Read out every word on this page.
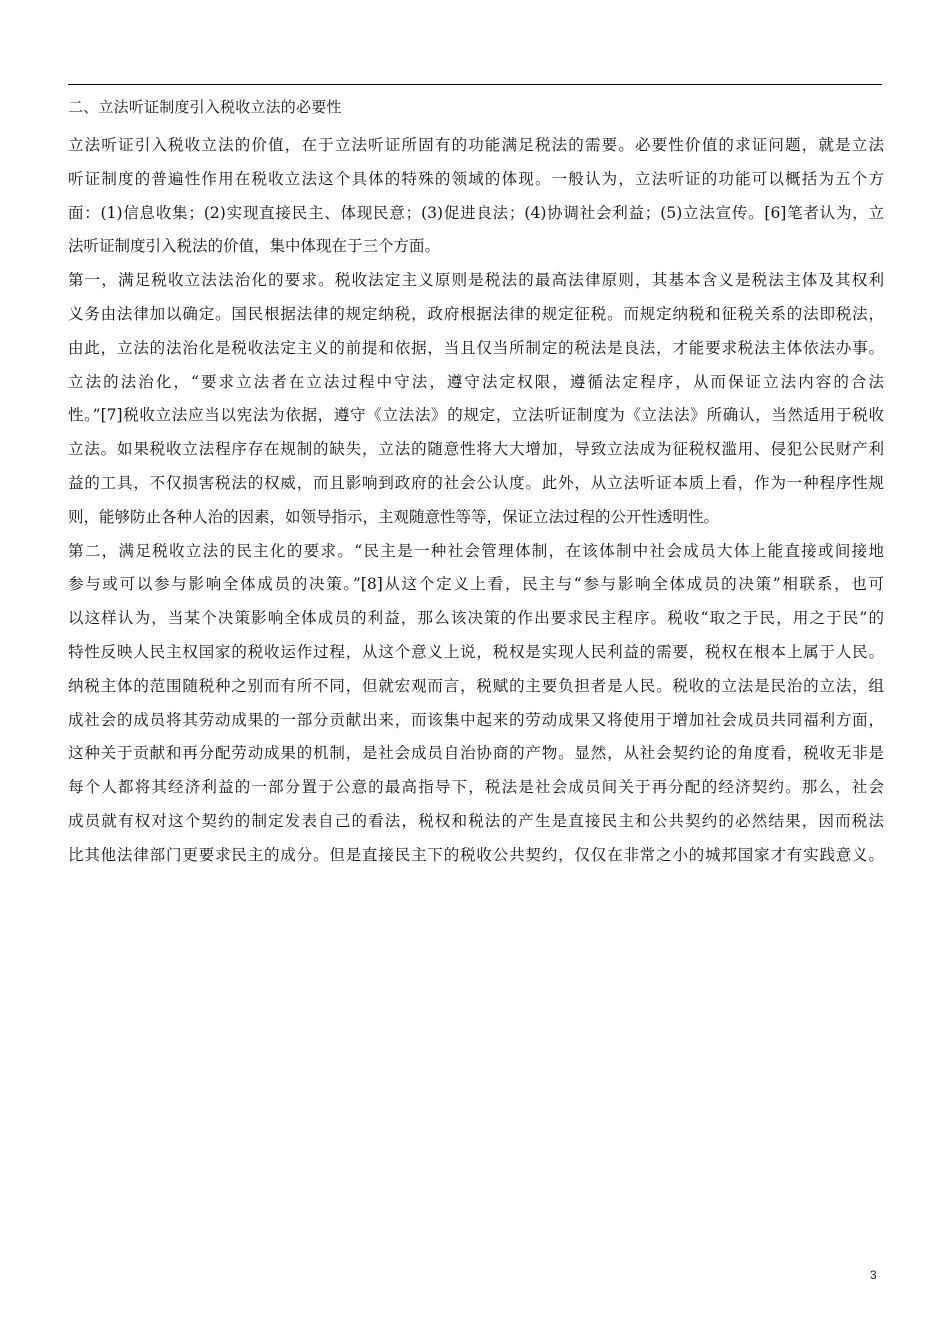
二、立法听证制度引入税收立法的必要性
立法听证引入税收立法的价值，在于立法听证所固有的功能满足税法的需要。必要性价值的求证问题，就是立法
听证制度的普遍性作用在税收立法这个具体的特殊的领域的体现。一般认为，立法听证的功能可以概括为五个方
面：(1)信息收集；(2)实现直接民主、体现民意；(3)促进良法；(4)协调社会利益；(5)立法宣传。[6]笔者认为，立
法听证制度引入税法的价值，集中体现在于三个方面。
第一，满足税收立法法治化的要求。税收法定主义原则是税法的最高法律原则，其基本含义是税法主体及其权利
义务由法律加以确定。国民根据法律的规定纳税，政府根据法律的规定征税。而规定纳税和征税关系的法即税法，
由此，立法的法治化是税收法定主义的前提和依据，当且仅当所制定的税法是良法，才能要求税法主体依法办事。
立法的法治化，“要求立法者在立法过程中守法，遵守法定权限，遵循法定程序，从而保证立法内容的合法
性。”[7]税收立法应当以宪法为依据，遵守《立法法》的规定，立法听证制度为《立法法》所确认，当然适用于税收
立法。如果税收立法程序存在规制的缺失，立法的随意性将大大增加，导致立法成为征税权滥用、侵犯公民财产利
益的工具，不仅损害税法的权威，而且影响到政府的社会公认度。此外，从立法听证本质上看，作为一种程序性规
则，能够防止各种人治的因素，如领导指示，主观随意性等等，保证立法过程的公开性透明性。
第二，满足税收立法的民主化的要求。“民主是一种社会管理体制，在该体制中社会成员大体上能直接或间接地
参与或可以参与影响全体成员的决策。”[8]从这个定义上看，民主与“参与影响全体成员的决策”相联系，也可
以这样认为，当某个决策影响全体成员的利益，那么该决策的作出要求民主程序。税收“取之于民，用之于民”的
特性反映人民主权国家的税收运作过程，从这个意义上说，税权是实现人民利益的需要，税权在根本上属于人民。
纳税主体的范围随税种之别而有所不同，但就宏观而言，税赋的主要负担者是人民。税收的立法是民治的立法，组
成社会的成员将其劳动成果的一部分贡献出来，而该集中起来的劳动成果又将使用于增加社会成员共同福利方面，
这种关于贡献和再分配劳动成果的机制，是社会成员自治协商的产物。显然，从社会契约论的角度看，税收无非是
每个人都将其经济利益的一部分置于公意的最高指导下，税法是社会成员间关于再分配的经济契约。那么，社会
成员就有权对这个契约的制定发表自己的看法，税权和税法的产生是直接民主和公共契约的必然结果，因而税法
比其他法律部门更要求民主的成分。但是直接民主下的税收公共契约，仅仅在非常之小的城邦国家才有实践意义。
3
